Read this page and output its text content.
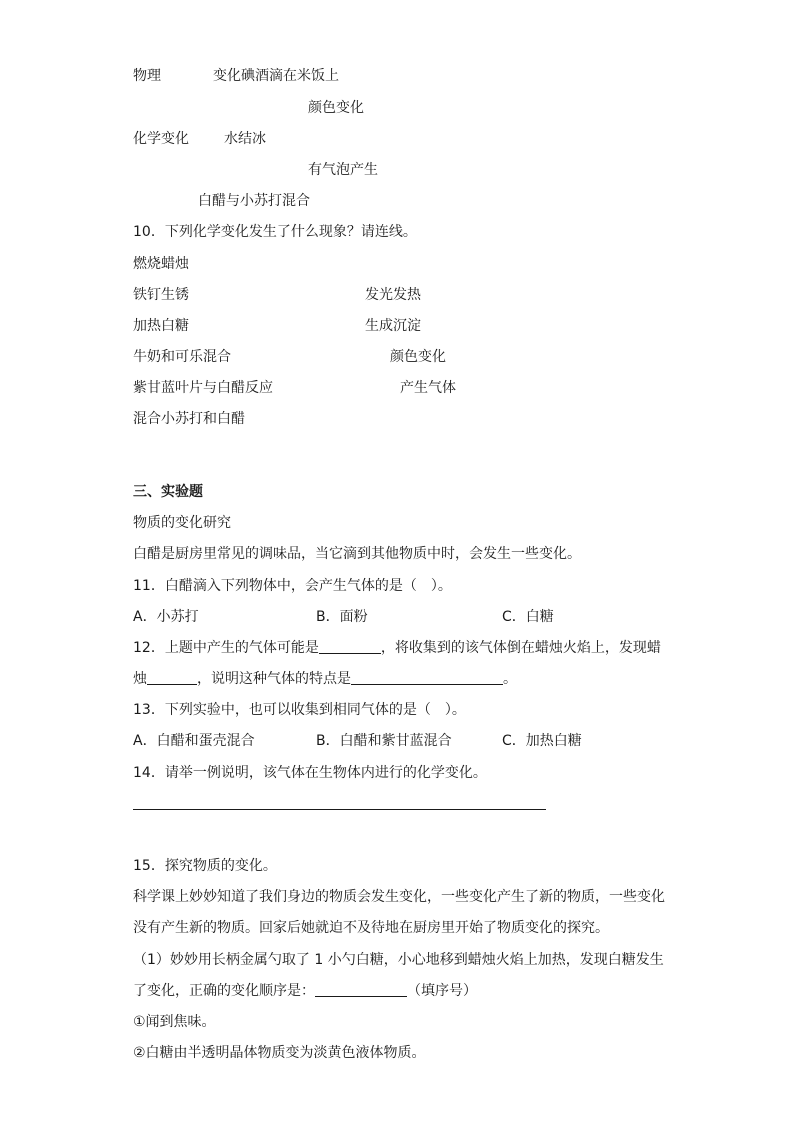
物理	变化碘酒滴在米饭上
颜色变化
化学变化	水结冰
有气泡产生
白醋与小苏打混合
10．下列化学变化发生了什么现象？请连线。
燃烧蜡烛
铁钉生锈	发光发热
加热白糖	生成沉淀
牛奶和可乐混合	颜色变化
紫甘蓝叶片与白醋反应	产生气体
混合小苏打和白醋
三、实验题
物质的变化研究
白醋是厨房里常见的调味品，当它滴到其他物质中时，会发生一些变化。
11．白醋滴入下列物体中，会产生气体的是（　）。
A．小苏打	B．面粉	C．白糖
12．上题中产生的气体可能是	，将收集到的该气体倒在蜡烛火焰上，发现蜡
烛	，说明这种气体的特点是	。
13．下列实验中，也可以收集到相同气体的是（　）。
A．白醋和蛋壳混合	B．白醋和紫甘蓝混合	C．加热白糖
14．请举一例说明，该气体在生物体内进行的化学变化。
15．探究物质的变化。
科学课上妙妙知道了我们身边的物质会发生变化，一些变化产生了新的物质，一些变化
没有产生新的物质。回家后她就迫不及待地在厨房里开始了物质变化的探究。
（1）妙妙用长柄金属勺取了 1 小勺白糖，小心地移到蜡烛火焰上加热，发现白糖发生
了变化，正确的变化顺序是：	（填序号）
①闻到焦味。
②白糖由半透明晶体物质变为淡黄色液体物质。
